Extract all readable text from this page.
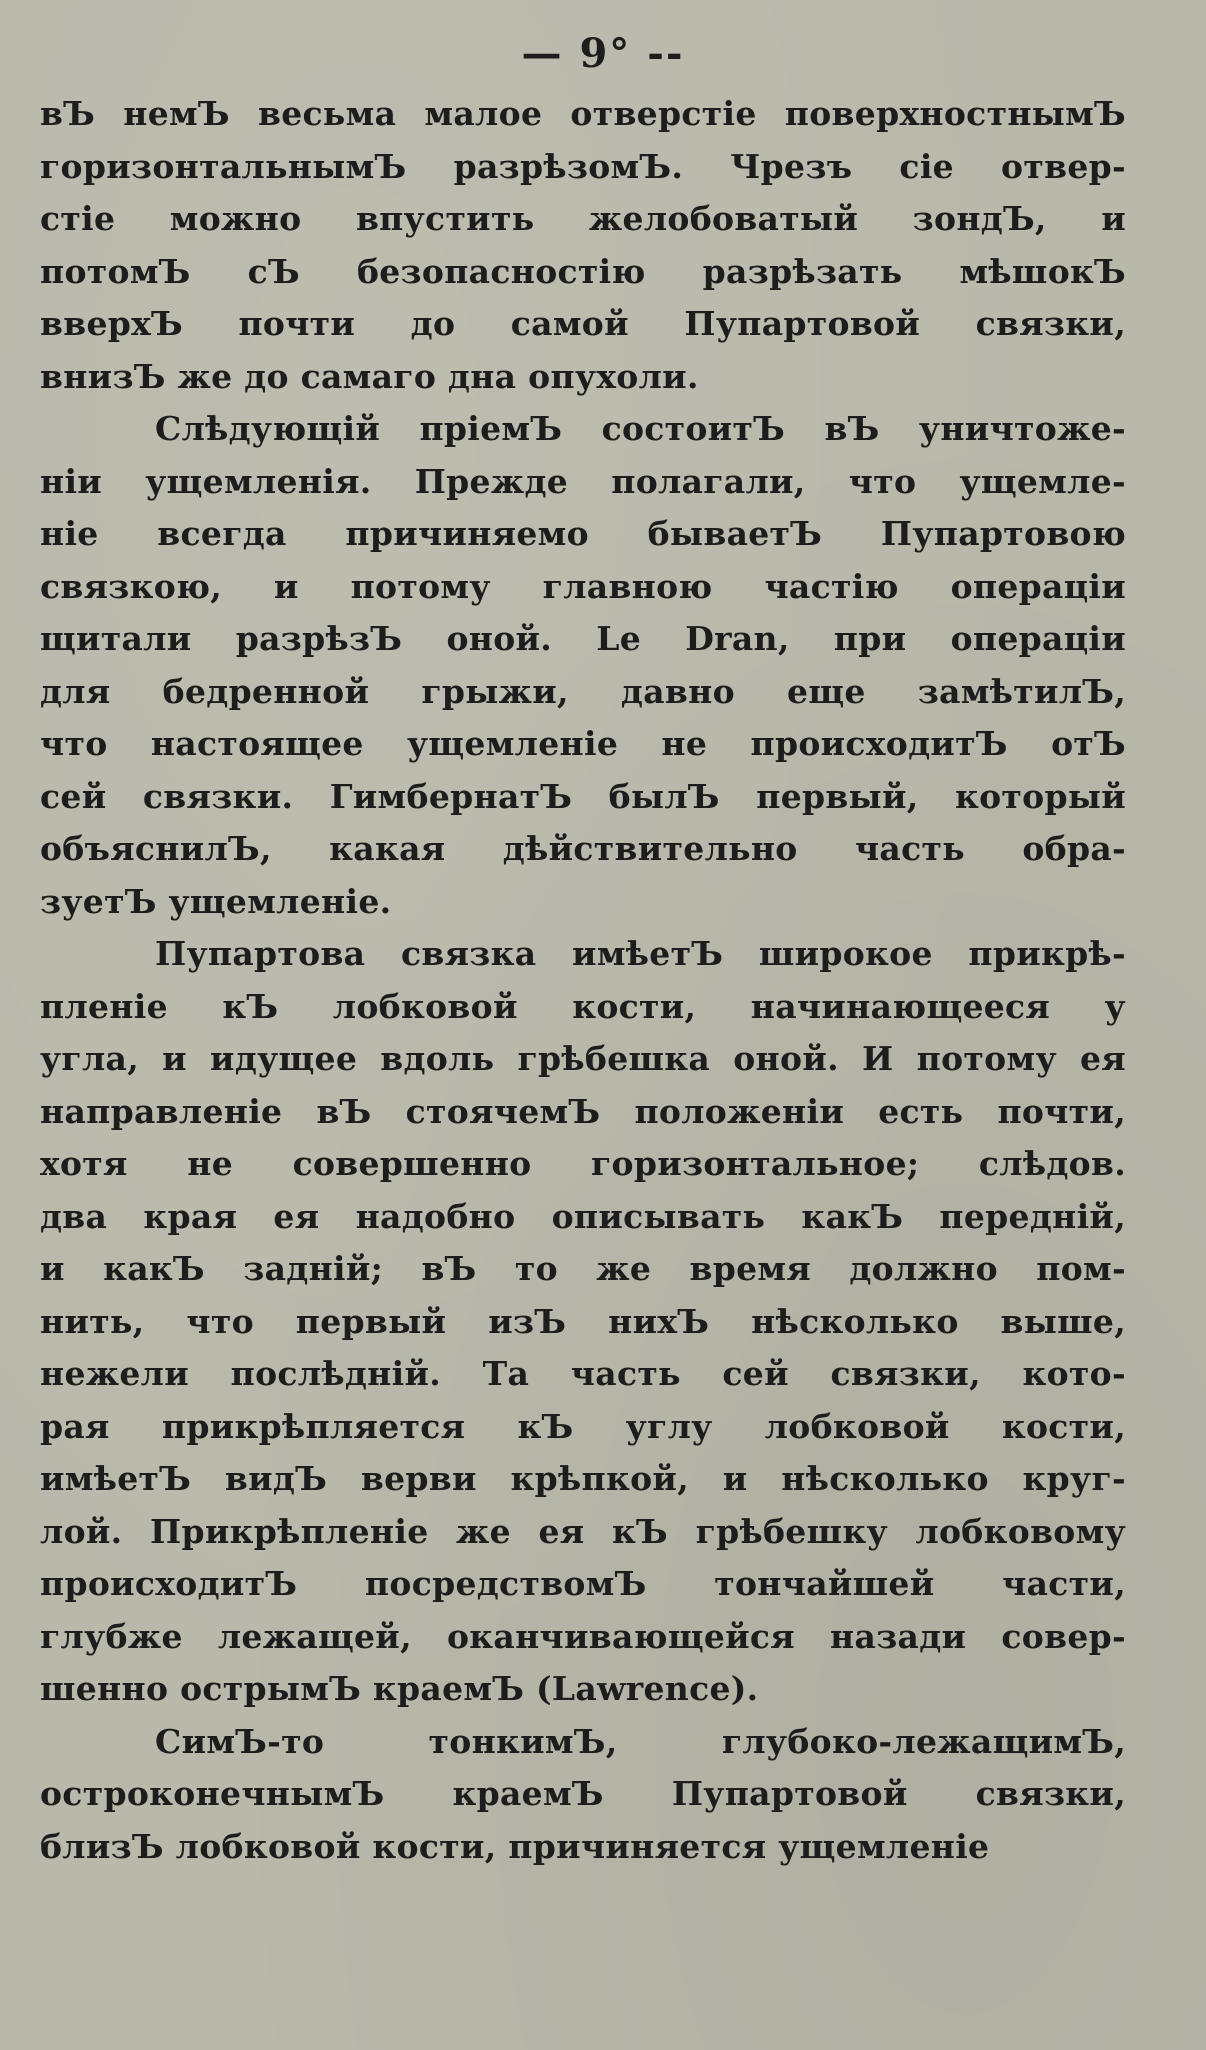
— 9° --
вЪ немЪ весьма малое отверстіе поверхностнымЪ
горизонтальнымЪ разрѣзомЪ. Чрезъ сіе отвер-
стіе можно впустить желобоватый зондЪ, и
потомЪ сЪ безопасностію разрѣзать мѣшокЪ
вверхЪ почти до самой Пупартовой связки,
внизЪ же до самаго дна опухоли.
Слѣдующій пріемЪ состоитЪ вЪ уничтоже-
ніи ущемленія. Прежде полагали, что ущемле-
ніе всегда причиняемо бываетЪ Пупартовою
связкою, и потому главною частію операціи
щитали разрѣзЪ оной. Le Dran, при операціи
для бедренной грыжи, давно еще замѣтилЪ,
что настоящее ущемленіе не происходитЪ отЪ
сей связки. ГимбернатЪ былЪ первый, который
объяснилЪ, какая дѣйствительно часть обра-
зуетЪ ущемленіе.
Пупартова связка имѣетЪ широкое прикрѣ-
пленіе кЪ лобковой кости, начинающееся у
угла, и идущее вдоль грѣбешка оной. И потому ея
направленіе вЪ стоячемЪ положеніи есть почти,
хотя не совершенно горизонтальное; слѣдов.
два края ея надобно описывать какЪ передній,
и какЪ задній; вЪ то же время должно пом-
нить, что первый изЪ нихЪ нѣсколько выше,
нежели послѣдній. Та часть сей связки, кото-
рая прикрѣпляется кЪ углу лобковой кости,
имѣетЪ видЪ верви крѣпкой, и нѣсколько круг-
лой. Прикрѣпленіе же ея кЪ грѣбешку лобковому
происходитЪ посредствомЪ тончайшей части,
глубже лежащей, оканчивающейся назади совер-
шенно острымЪ краемЪ (Lawrence).
СимЪ-то тонкимЪ, глубоко-лежащимЪ,
остроконечнымЪ краемЪ Пупартовой связки,
близЪ лобковой кости, причиняется ущемленіе
